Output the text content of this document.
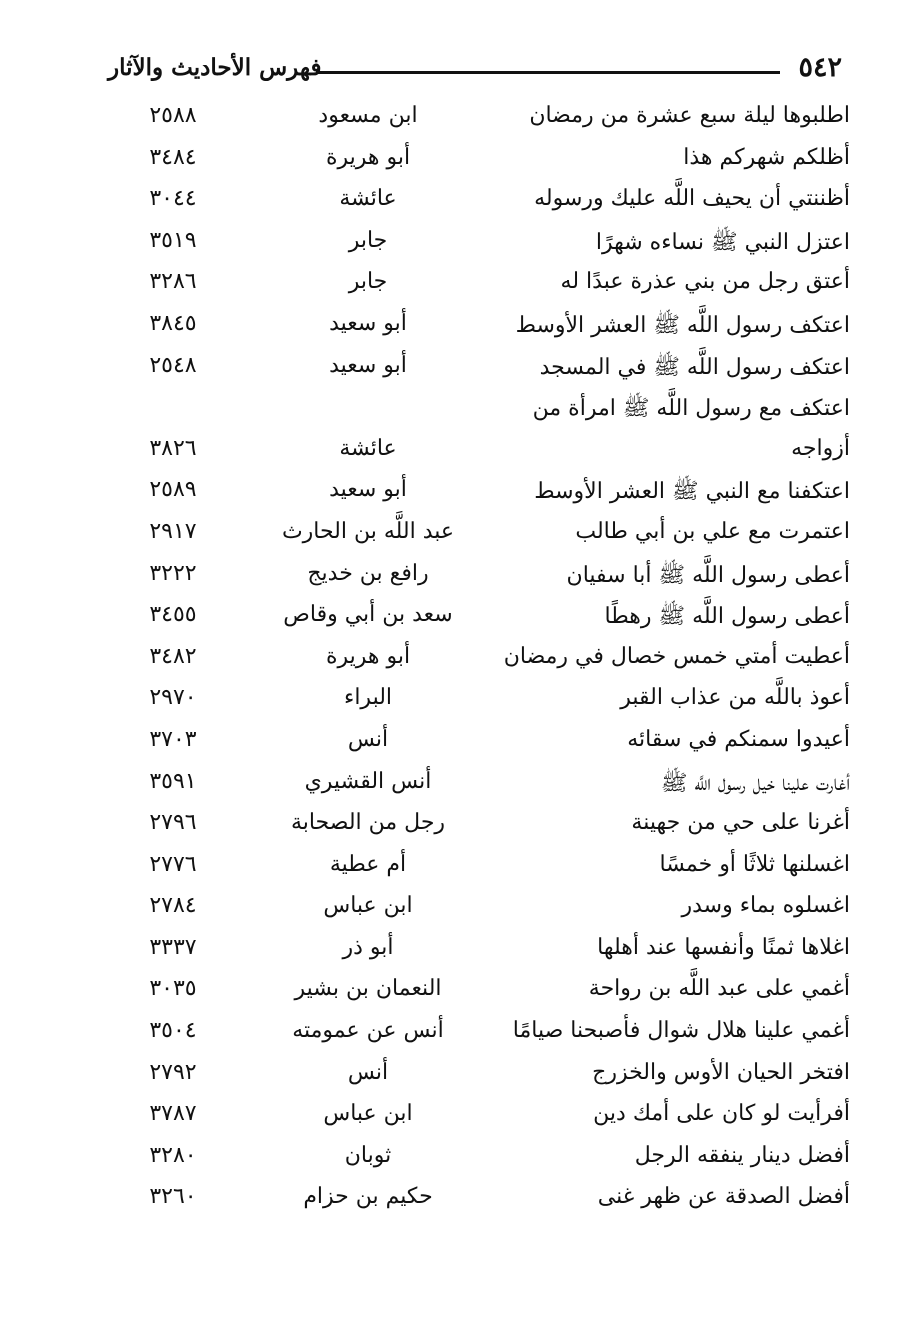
٥٤٢
فهرس الأحاديث والآثار
اطلبوها ليلة سبع عشرة من رمضان
ابن مسعود
٢٥٨٨
أظلكم شهركم هذا
أبو هريرة
٣٤٨٤
أظننتي أن يحيف اللَّه عليك ورسوله
عائشة
٣٠٤٤
اعتزل النبي ﷺ نساءه شهرًا
جابر
٣٥١٩
أعتق رجل من بني عذرة عبدًا له
جابر
٣٢٨٦
اعتكف رسول اللَّه ﷺ العشر الأوسط
أبو سعيد
٣٨٤٥
اعتكف رسول اللَّه ﷺ في المسجد
أبو سعيد
٢٥٤٨
اعتكف مع رسول اللَّه ﷺ امرأة من
أزواجه
عائشة
٣٨٢٦
اعتكفنا مع النبي ﷺ العشر الأوسط
أبو سعيد
٢٥٨٩
اعتمرت مع علي بن أبي طالب
عبد اللَّه بن الحارث
٢٩١٧
أعطى رسول اللَّه ﷺ أبا سفيان
رافع بن خديج
٣٢٢٢
أعطى رسول اللَّه ﷺ رهطًا
سعد بن أبي وقاص
٣٤٥٥
أعطيت أمتي خمس خصال في رمضان
أبو هريرة
٣٤٨٢
أعوذ باللَّه من عذاب القبر
البراء
٢٩٧٠
أعيدوا سمنكم في سقائه
أنس
٣٧٠٣
أغارت علينا خيل رسول اللَّه ﷺ
أنس القشيري
٣٥٩١
أغرنا على حي من جهينة
رجل من الصحابة
٢٧٩٦
اغسلنها ثلاثًا أو خمسًا
أم عطية
٢٧٧٦
اغسلوه بماء وسدر
ابن عباس
٢٧٨٤
اغلاها ثمنًا وأنفسها عند أهلها
أبو ذر
٣٣٣٧
أغمي على عبد اللَّه بن رواحة
النعمان بن بشير
٣٠٣٥
أغمي علينا هلال شوال فأصبحنا صيامًا
أنس عن عمومته
٣٥٠٤
افتخر الحيان الأوس والخزرج
أنس
٢٧٩٢
أفرأيت لو كان على أمك دين
ابن عباس
٣٧٨٧
أفضل دينار ينفقه الرجل
ثوبان
٣٢٨٠
أفضل الصدقة عن ظهر غنى
حكيم بن حزام
٣٢٦٠
